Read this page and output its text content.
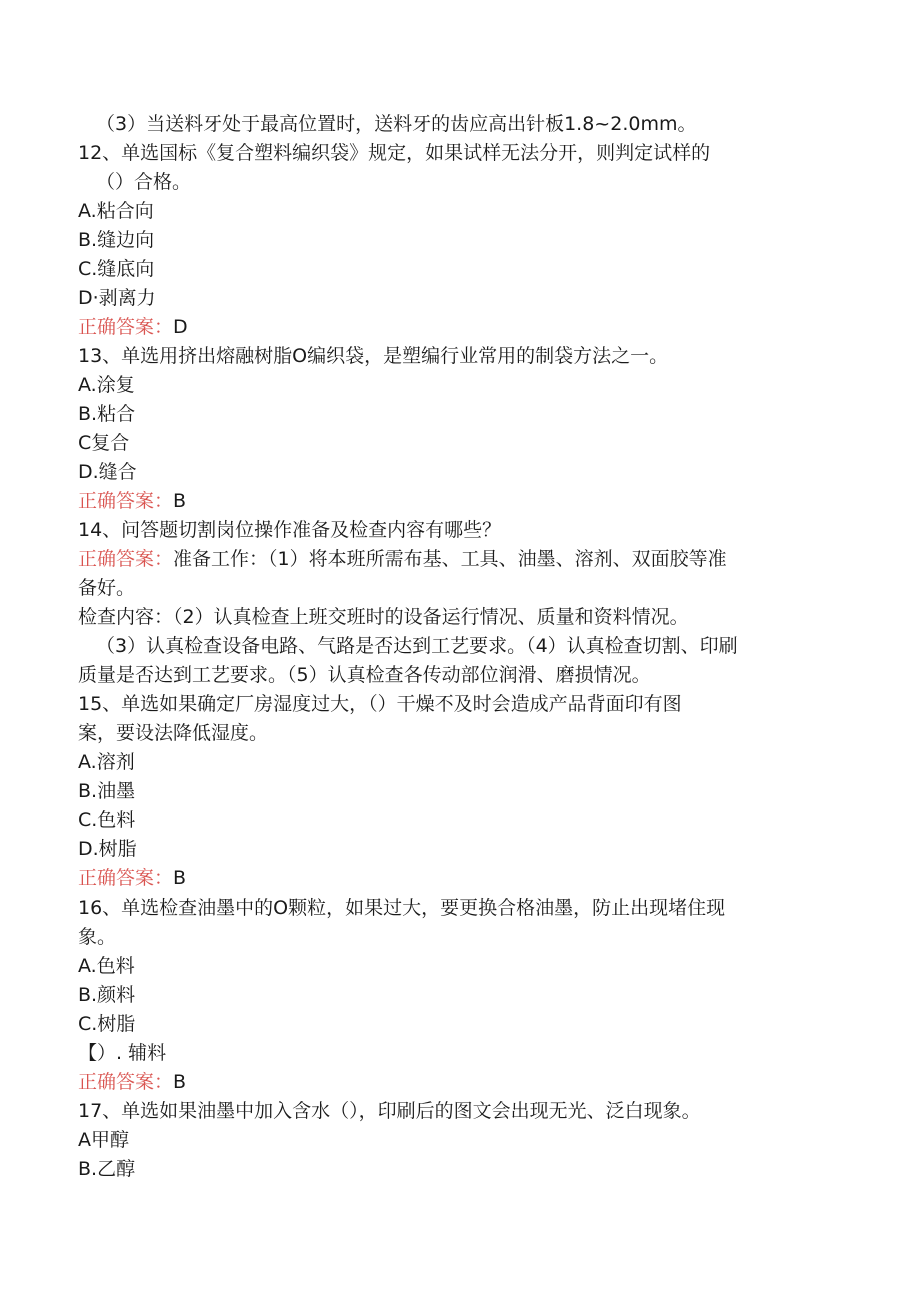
（3）当送料牙处于最高位置时，送料牙的齿应高出针板1.8~2.0mm。
12、单选国标《复合塑料编织袋》规定，如果试样无法分开，则判定试样的
（）合格。
A.粘合向
B.缝边向
C.缝底向
D·剥离力
正确答案：D
13、单选用挤出熔融树脂O编织袋，是塑编行业常用的制袋方法之一。
A.涂复
B.粘合
C复合
D.缝合
正确答案：B
14、问答题切割岗位操作准备及检查内容有哪些？
正确答案：准备工作：（1）将本班所需布基、工具、油墨、溶剂、双面胶等准
备好。
检查内容：（2）认真检查上班交班时的设备运行情况、质量和资料情况。
（3）认真检查设备电路、气路是否达到工艺要求。（4）认真检查切割、印刷
质量是否达到工艺要求。（5）认真检查各传动部位润滑、磨损情况。
15、单选如果确定厂房湿度过大，（）干燥不及时会造成产品背面印有图
案，要设法降低湿度。
A.溶剂
B.油墨
C.色料
D.树脂
正确答案：B
16、单选检查油墨中的O颗粒，如果过大，要更换合格油墨，防止出现堵住现
象。
A.色料
B.颜料
C.树脂
【）. 辅料
正确答案：B
17、单选如果油墨中加入含水（），印刷后的图文会出现无光、泛白现象。
A甲醇
B.乙醇
